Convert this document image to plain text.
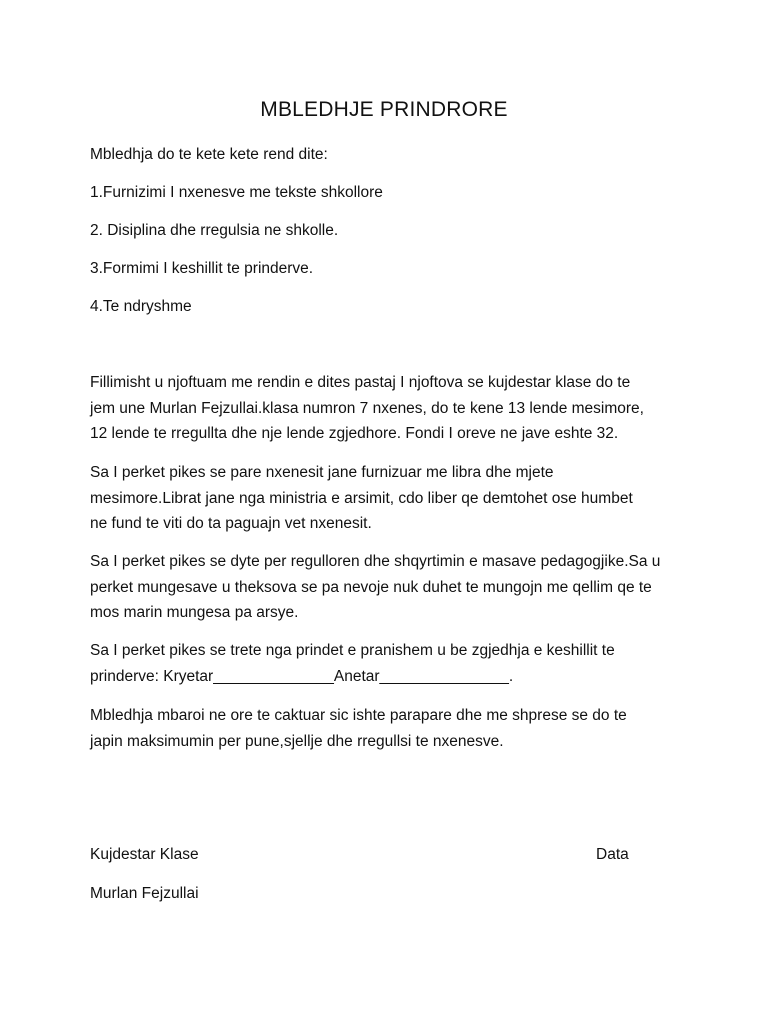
MBLEDHJE PRINDRORE
Mbledhja do te kete kete rend dite:
1.Furnizimi I nxenesve me tekste shkollore
2. Disiplina dhe rregulsia ne shkolle.
3.Formimi I keshillit te prinderve.
4.Te ndryshme
Fillimisht u njoftuam me rendin e dites pastaj I njoftova se kujdestar klase do te
jem une Murlan Fejzullai.klasa numron 7 nxenes, do te kene 13 lende mesimore,
12 lende te rregullta dhe nje lende zgjedhore. Fondi I oreve ne jave eshte 32.
Sa I perket pikes se pare nxenesit jane furnizuar me libra dhe mjete
mesimore.Librat jane nga ministria e arsimit, cdo liber qe demtohet ose humbet
ne fund te viti do ta paguajn vet nxenesit.
Sa I perket pikes se dyte per regulloren dhe shqyrtimin e masave pedagogjike.Sa u
perket mungesave u theksova se pa nevoje nuk duhet te mungojn me qellim qe te
mos marin mungesa pa arsye.
Sa I perket pikes se trete nga prindet e pranishem u be zgjedhja e keshillit te
prinderve: Kryetar______________Anetar_______________.
Mbledhja mbaroi ne ore te caktuar sic ishte parapare dhe me shprese se do te
japin maksimumin per pune,sjellje dhe rregullsi te nxenesve.
Kujdestar Klase	Data
Murlan Fejzullai
